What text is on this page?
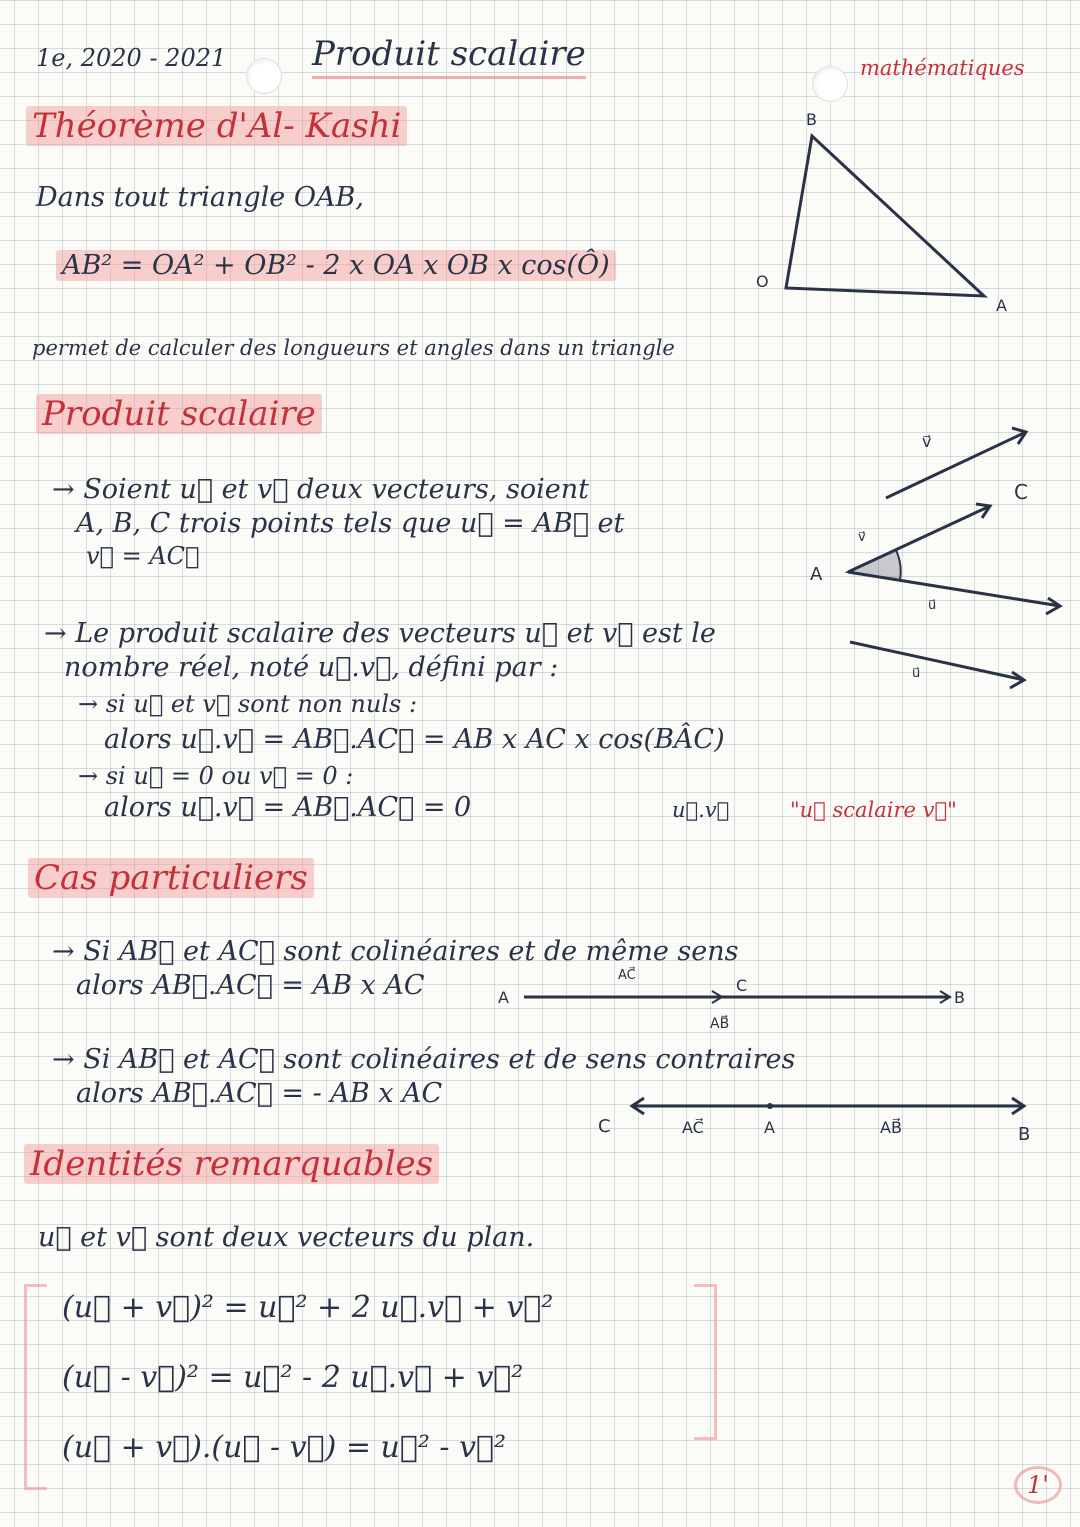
1e, 2020 - 2021	Produit scalaire	mathématiques
Théorème d'Al- Kashi
Dans tout triangle OAB,
AB² = OA² + OB² - 2 x OA x OB x cos(Ô)
permet de calculer des longueurs et angles dans un triangle
B
O
A
Produit scalaire
→ Soient u⃗ et v⃗ deux vecteurs, soient
A, B, C trois points tels que u⃗ = AB⃗ et
v⃗ = AC⃗
→ Le produit scalaire des vecteurs u⃗ et v⃗ est le
nombre réel, noté u⃗.v⃗, défini par :
→ si u⃗ et v⃗ sont non nuls :
alors u⃗.v⃗ = AB⃗.AC⃗ = AB x AC x cos(BÂC)
→ si u⃗ = 0 ou v⃗ = 0 :
alors u⃗.v⃗ = AB⃗.AC⃗ = 0	u⃗.v⃗	"u⃗ scalaire v⃗"
v⃗
C
A
v⃗
u⃗
u⃗
Cas particuliers
→ Si AB⃗ et AC⃗ sont colinéaires et de même sens
alors AB⃗.AC⃗ = AB x AC
→ Si AB⃗ et AC⃗ sont colinéaires et de sens contraires
alors AB⃗.AC⃗ = - AB x AC
A
AC⃗
C
AB⃗
B
C	AC⃗	A	AB⃗	B
Identités remarquables
u⃗ et v⃗ sont deux vecteurs du plan.
(u⃗ + v⃗)² = u⃗² + 2 u⃗.v⃗ + v⃗²
(u⃗ - v⃗)² = u⃗² - 2 u⃗.v⃗ + v⃗²
(u⃗ + v⃗).(u⃗ - v⃗) = u⃗² - v⃗²
1'
